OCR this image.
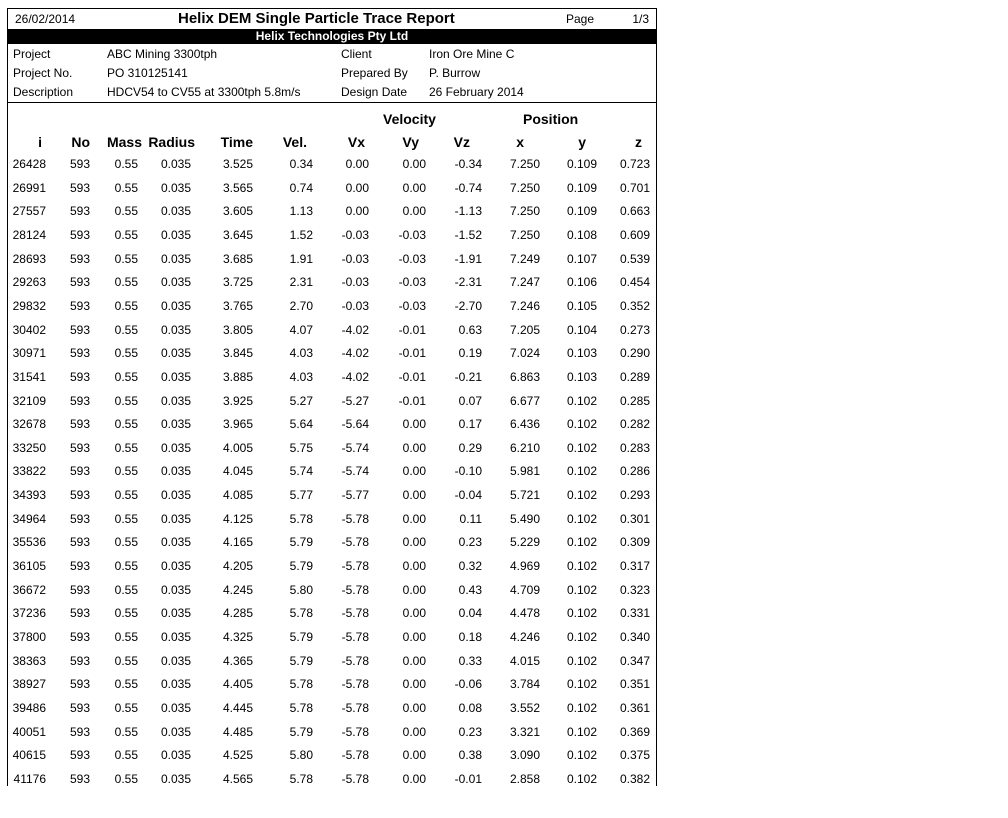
26/02/2014	Helix DEM Single Particle Trace Report	Page	1/3
Helix Technologies Pty Ltd
Project	ABC Mining 3300tph	Client	Iron Ore Mine C
Project No.	PO 310125141	Prepared By P. Burrow
Description	HDCV54 to CV55 at 3300tph 5.8m/s	Design Date 26 February 2014
Velocity	Position
i No Mass Radius Time Vel.	Vx	Vy Vz	x	y	z
26428 593 0.55 0.035	3.525	0.34	0.00	0.00 -0.34 7.250 0.109 0.723
26991 593 0.55 0.035	3.565	0.74	0.00	0.00 -0.74 7.250 0.109 0.701
27557 593 0.55 0.035	3.605	1.13	0.00	0.00 -1.13 7.250 0.109 0.663
28124 593 0.55 0.035	3.645	1.52 -0.03 -0.03 -1.52 7.250 0.108 0.609
28693 593 0.55 0.035	3.685	1.91 -0.03 -0.03 -1.91 7.249 0.107 0.539
29263 593 0.55 0.035	3.725	2.31 -0.03 -0.03 -2.31 7.247 0.106 0.454
29832 593 0.55 0.035	3.765	2.70 -0.03 -0.03 -2.70 7.246 0.105 0.352
30402 593 0.55 0.035	3.805	4.07 -4.02 -0.01	0.63 7.205 0.104 0.273
30971 593 0.55 0.035	3.845	4.03 -4.02 -0.01	0.19 7.024 0.103 0.290
31541 593 0.55 0.035	3.885	4.03 -4.02 -0.01 -0.21 6.863 0.103 0.289
32109 593 0.55 0.035	3.925	5.27 -5.27 -0.01	0.07 6.677 0.102 0.285
32678 593 0.55 0.035	3.965	5.64 -5.64	0.00	0.17 6.436 0.102 0.282
33250 593 0.55 0.035	4.005	5.75 -5.74	0.00	0.29 6.210 0.102 0.283
33822 593 0.55 0.035	4.045	5.74 -5.74	0.00 -0.10 5.981 0.102 0.286
34393 593 0.55 0.035	4.085	5.77 -5.77	0.00 -0.04 5.721 0.102 0.293
34964 593 0.55 0.035	4.125	5.78 -5.78	0.00	0.11 5.490 0.102 0.301
35536 593 0.55 0.035	4.165	5.79 -5.78	0.00	0.23 5.229 0.102 0.309
36105 593 0.55 0.035	4.205	5.79 -5.78	0.00	0.32 4.969 0.102 0.317
36672 593 0.55 0.035	4.245	5.80 -5.78	0.00	0.43 4.709 0.102 0.323
37236 593 0.55 0.035	4.285	5.78 -5.78	0.00	0.04 4.478 0.102 0.331
37800 593 0.55 0.035	4.325	5.79 -5.78	0.00	0.18 4.246 0.102 0.340
38363 593 0.55 0.035	4.365	5.79 -5.78	0.00	0.33 4.015 0.102 0.347
38927 593 0.55 0.035	4.405	5.78 -5.78	0.00 -0.06 3.784 0.102 0.351
39486 593 0.55 0.035	4.445	5.78 -5.78	0.00	0.08 3.552 0.102 0.361
40051 593 0.55 0.035	4.485	5.79 -5.78	0.00	0.23 3.321 0.102 0.369
40615 593 0.55 0.035	4.525	5.80 -5.78	0.00	0.38 3.090 0.102 0.375
41176 593 0.55 0.035	4.565	5.78 -5.78	0.00 -0.01 2.858 0.102 0.382
